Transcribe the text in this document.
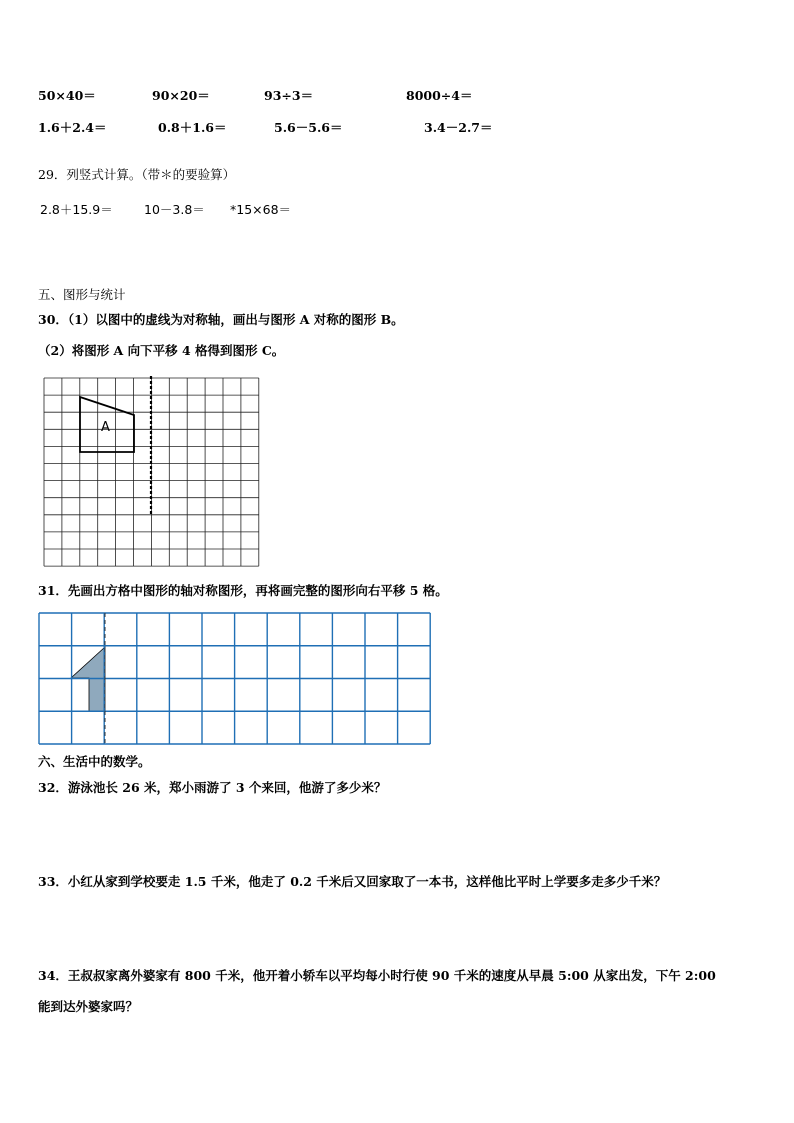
50×40＝	90×20＝	93÷3＝	8000÷4＝
1.6＋2.4＝	0.8＋1.6＝	5.6－5.6＝	3.4－2.7＝
29．列竖式计算。（带＊的要验算）
2.8＋15.9＝	10－3.8＝ *15×68＝
五、图形与统计
30．（1）以图中的虚线为对称轴，画出与图形 A 对称的图形 B。
（2）将图形 A 向下平移 4 格得到图形 C。
A
31．先画出方格中图形的轴对称图形，再将画完整的图形向右平移 5 格。
六、生活中的数学。
32．游泳池长 26 米，郑小雨游了 3 个来回，他游了多少米？
33．小红从家到学校要走 1.5 千米，他走了 0.2 千米后又回家取了一本书，这样他比平时上学要多走多少千米？
34．王叔叔家离外婆家有 800 千米，他开着小轿车以平均每小时行使 90 千米的速度从早晨 5:00 从家出发，下午 2:00
能到达外婆家吗？
